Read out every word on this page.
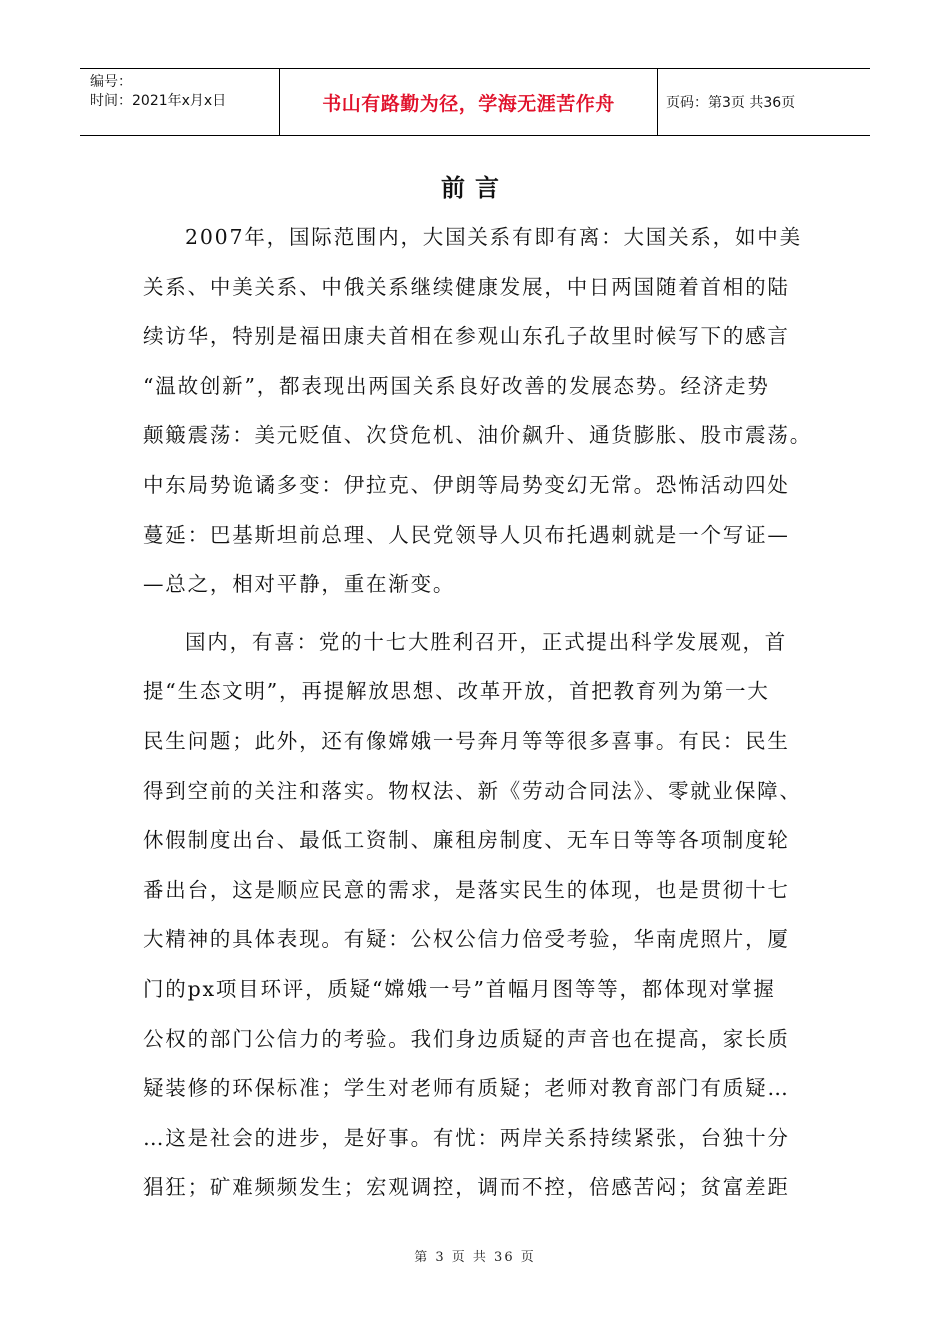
编号：
时间：2021年x月x日	书山有路勤为径，学海无涯苦作舟	页码：第3页 共36页
前言
2007年，国际范围内，大国关系有即有离：大国关系，如中美
关系、中美关系、中俄关系继续健康发展，中日两国随着首相的陆
续访华，特别是福田康夫首相在参观山东孔子故里时候写下的感言
“温故创新”，都表现出两国关系良好改善的发展态势。经济走势
颠簸震荡：美元贬值、次贷危机、油价飙升、通货膨胀、股市震荡。
中东局势诡谲多变：伊拉克、伊朗等局势变幻无常。恐怖活动四处
蔓延：巴基斯坦前总理、人民党领导人贝布托遇刺就是一个写证—
—总之，相对平静，重在渐变。
国内，有喜：党的十七大胜利召开，正式提出科学发展观，首
提“生态文明”，再提解放思想、改革开放，首把教育列为第一大
民生问题；此外，还有像嫦娥一号奔月等等很多喜事。有民：民生
得到空前的关注和落实。物权法、新《劳动合同法》、零就业保障、
休假制度出台、最低工资制、廉租房制度、无车日等等各项制度轮
番出台，这是顺应民意的需求，是落实民生的体现，也是贯彻十七
大精神的具体表现。有疑：公权公信力倍受考验，华南虎照片，厦
门的px项目环评，质疑“嫦娥一号”首幅月图等等，都体现对掌握
公权的部门公信力的考验。我们身边质疑的声音也在提高，家长质
疑装修的环保标准；学生对老师有质疑；老师对教育部门有质疑…
…这是社会的进步，是好事。有忧：两岸关系持续紧张，台独十分
猖狂；矿难频频发生；宏观调控，调而不控，倍感苦闷；贫富差距
第 3 页 共 36 页
